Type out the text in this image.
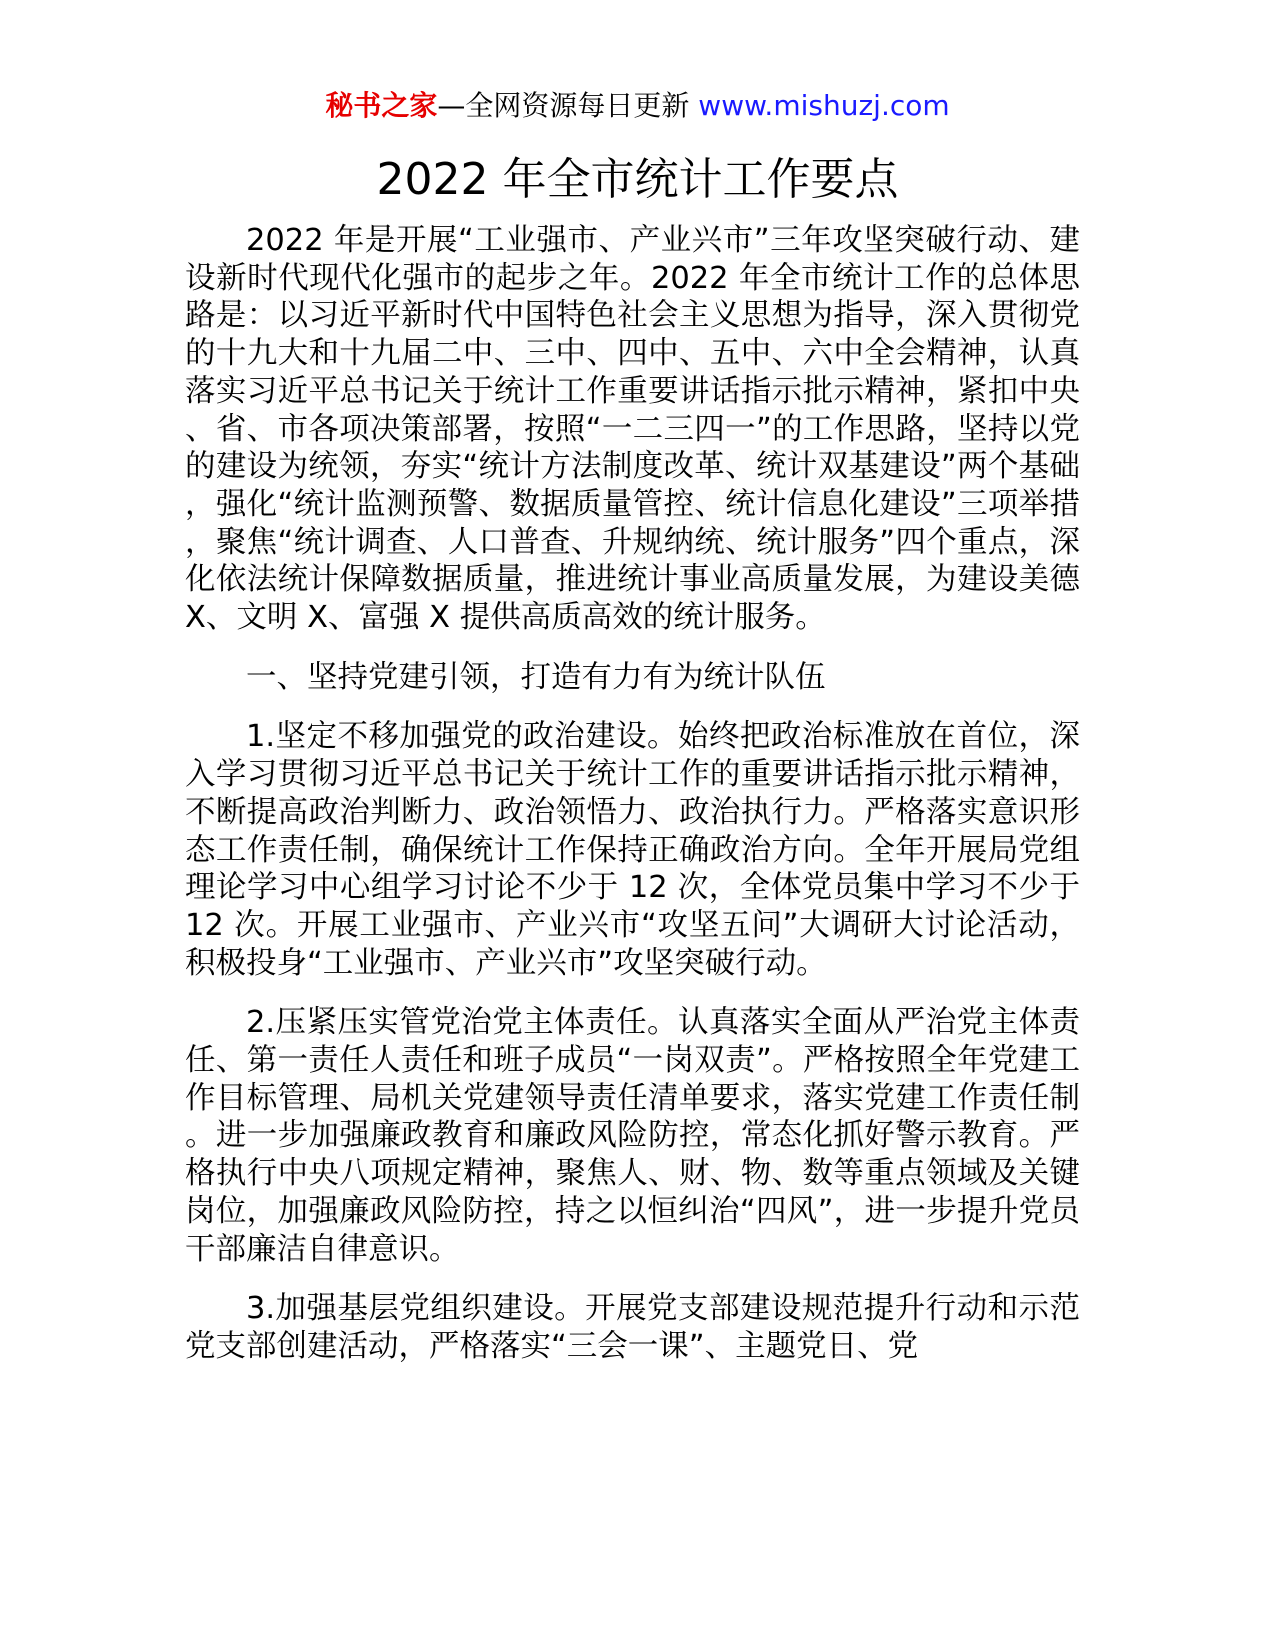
秘书之家—全网资源每日更新 www.mishuzj.com
2022 年全市统计工作要点

2022 年是开展“工业强市、产业兴市”三年攻坚突破行动、建设新时代现代化强市的起步之年。2022 年全市统计工作的总体思路是：以习近平新时代中国特色社会主义思想为指导，深入贯彻党的十九大和十九届二中、三中、四中、五中、六中全会精神，认真落实习近平总书记关于统计工作重要讲话指示批示精神，紧扣中央、省、市各项决策部署，按照“一二三四一”的工作思路，坚持以党的建设为统领，夯实“统计方法制度改革、统计双基建设”两个基础，强化“统计监测预警、数据质量管控、统计信息化建设”三项举措，聚焦“统计调查、人口普查、升规纳统、统计服务”四个重点，深化依法统计保障数据质量，推进统计事业高质量发展，为建设美德 X、文明 X、富强 X 提供高质高效的统计服务。

一、坚持党建引领，打造有力有为统计队伍

1.坚定不移加强党的政治建设。始终把政治标准放在首位，深入学习贯彻习近平总书记关于统计工作的重要讲话指示批示精神，不断提高政治判断力、政治领悟力、政治执行力。严格落实意识形态工作责任制，确保统计工作保持正确政治方向。全年开展局党组理论学习中心组学习讨论不少于 12 次，全体党员集中学习不少于 12 次。开展工业强市、产业兴市“攻坚五问”大调研大讨论活动，积极投身“工业强市、产业兴市”攻坚突破行动。

2.压紧压实管党治党主体责任。认真落实全面从严治党主体责任、第一责任人责任和班子成员“一岗双责”。严格按照全年党建工作目标管理、局机关党建领导责任清单要求，落实党建工作责任制。进一步加强廉政教育和廉政风险防控，常态化抓好警示教育。严格执行中央八项规定精神，聚焦人、财、物、数等重点领域及关键岗位，加强廉政风险防控，持之以恒纠治“四风”，进一步提升党员干部廉洁自律意识。

3.加强基层党组织建设。开展党支部建设规范提升行动和示范党支部创建活动，严格落实“三会一课”、主题党日、党
